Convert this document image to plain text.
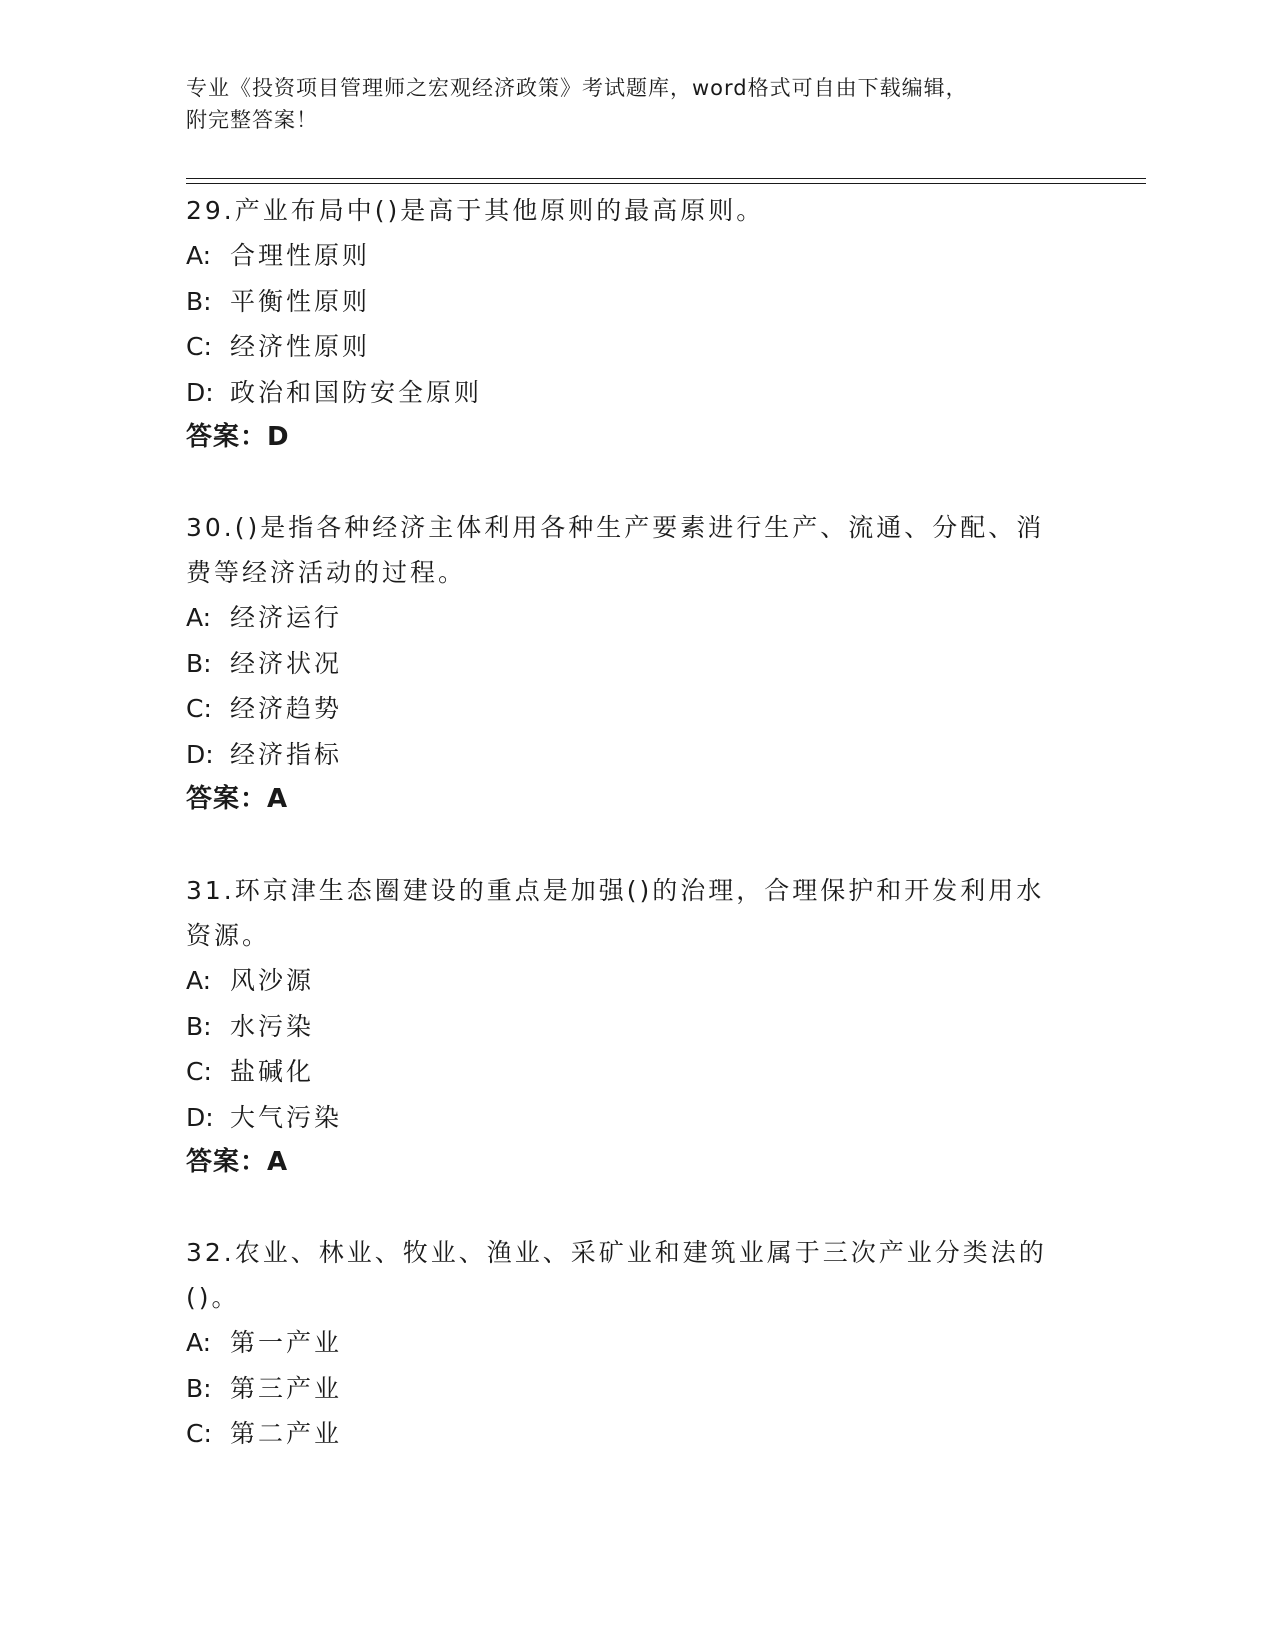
专业《投资项目管理师之宏观经济政策》考试题库，word格式可自由下载编辑，
附完整答案！

29.产业布局中()是高于其他原则的最高原则。

A: 合理性原则

B: 平衡性原则

C: 经济性原则

D: 政治和国防安全原则

答案：D

30.()是指各种经济主体利用各种生产要素进行生产、流通、分配、消费等经济活动的过程。

A: 经济运行

B: 经济状况

C: 经济趋势

D: 经济指标

答案：A

31.环京津生态圈建设的重点是加强()的治理，合理保护和开发利用水资源。

A: 风沙源

B: 水污染

C: 盐碱化

D: 大气污染

答案：A

32.农业、林业、牧业、渔业、采矿业和建筑业属于三次产业分类法的()。

A: 第一产业

B: 第三产业

C: 第二产业
